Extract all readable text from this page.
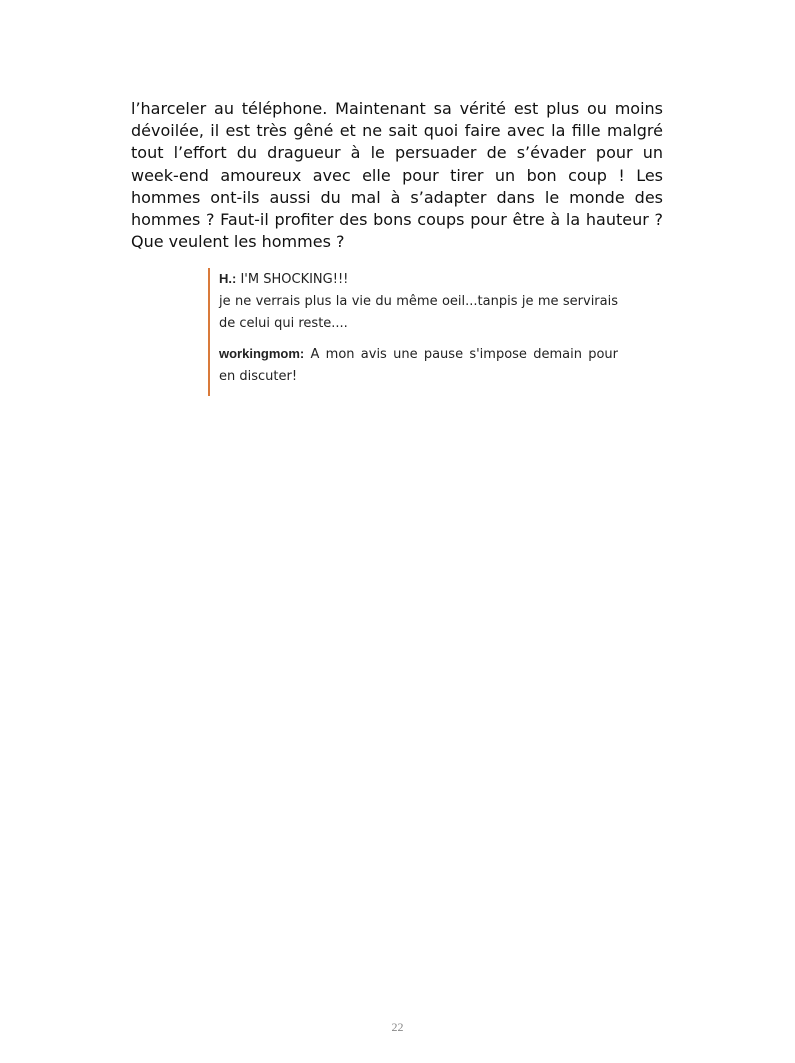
l’harceler au téléphone. Maintenant sa vérité est plus ou moins dévoilée, il est très gêné et ne sait quoi faire avec la fille malgré tout l’effort du dragueur à le persuader de s’évader pour un week-end amoureux avec elle pour tirer un bon coup ! Les hommes ont-ils aussi du mal à s’adapter dans le monde des hommes ? Faut-il profiter des bons coups pour être à la hauteur ? Que veulent les hommes ?

H.: I'M SHOCKING!!!
je ne verrais plus la vie du même oeil...tanpis je me servirais de celui qui reste....

workingmom: A mon avis une pause s'impose demain pour en discuter!

22
